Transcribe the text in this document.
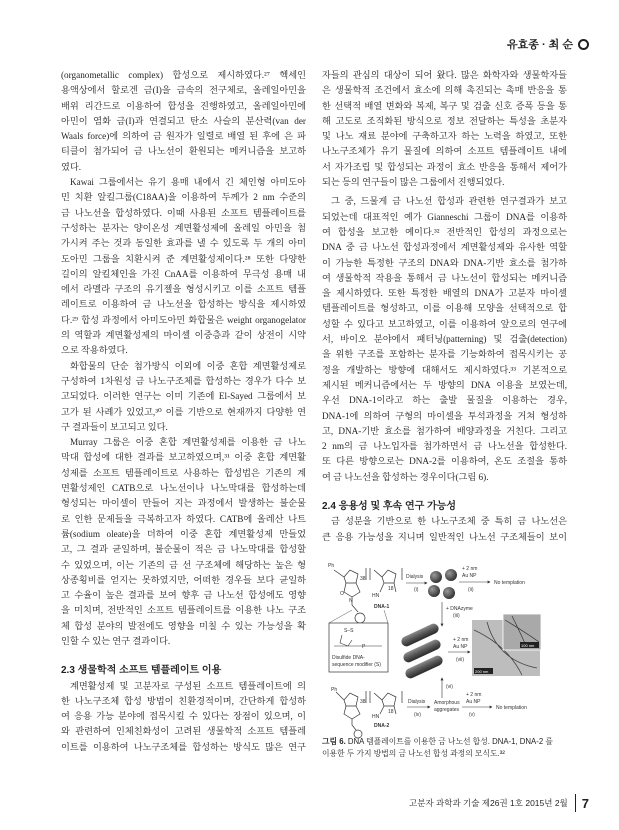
유효종 · 최 순
(organometallic complex) 합성으로 제시하였다.²⁷ 헥세인
용액상에서 할로겐 금(I)을 금속의 전구체로, 올레일아민을
배위 리간드로 이용하여 합성을 진행하였고, 올레일아민에
아민이 염화 금(I)과 연결되고 탄소 사슬의 분산력(van der
Waals force)에 의하여 금 원자가 일렬로 배열 된 후에 은 파
티클이 첨가되어 금 나노선이 환원되는 메커니즘을 보고하
였다.
Kawai 그룹에서는 유기 용매 내에서 긴 체인형 아미도아
민 치환 알킬그룹(C18AA)을 이용하여 두께가 2 nm 수준의
금 나노선을 합성하였다. 이때 사용된 소프트 템플레이트를
구성하는 분자는 양이온성 계면활성제에 올레일 아민을 첨
가시켜 주는 것과 동일한 효과를 낼 수 있도록 두 개의 아미
도아민 그룹을 치환시켜 준 계면활성제이다.²⁸ 또한 다양한
길이의 알킬체인을 가진 CnAA를 이용하여 무극성 용매 내
에서 라멜라 구조의 유기젤을 형성시키고 이를 소프트 템플
레이트로 이용하여 금 나노선을 합성하는 방식을 제시하였
다.²⁹ 합성 과정에서 아미도아민 화합물은 weight organogelator
의 역할과 계면활성제의 마이셀 이중층과 같이 상전이 시약
으로 작용하였다.
화합물의 단순 첨가방식 이외에 이중 혼합 계면활성제로
구성하여 1차원성 금 나노구조체를 합성하는 경우가 다수 보
고되었다. 이러한 연구는 이미 기존에 El-Sayed 그룹에서 보
고가 된 사례가 있었고,³⁰ 이를 기반으로 현재까지 다양한 연
구 결과들이 보고되고 있다.
Murray 그룹은 이중 혼합 계면활성제를 이용한 금 나노
막대 합성에 대한 결과를 보고하였으며,³¹ 이중 혼합 계면활
성제를 소프트 템플레이트로 사용하는 합성법은 기존의 계
면활성제인 CATB으로 나노선이나 나노막대를 합성하는데
형성되는 마이셀이 만들어 지는 과정에서 발생하는 불순물
로 인한 문제들을 극복하고자 하였다. CATB에 올레산 나트
륨(sodium oleate)을 더하여 이중 혼합 계면활성제 만들었
고, 그 결과 균일하며, 불순물이 적은 금 나노막대를 합성할
수 있었으며, 이는 기존의 금 선 구조체에 해당하는 높은 형
상종횡비를 얻지는 못하였지만, 어떠한 경우들 보다 균일하
고 수율이 높은 결과를 보여 향후 금 나노선 합성에도 영향
을 미치며, 전반적인 소프트 템플레이트를 이용한 나노 구조
체 합성 분야의 발전에도 영향을 미칠 수 있는 가능성을 확
인할 수 있는 연구 결과이다.
2.3 생물학적 소프트 템플레이트 이용
계면활성제 및 고분자로 구성된 소프트 템플레이트에 의
한 나노구조체 합성 방법이 친환경적이며, 간단하게 합성하
여 응용 가능 분야에 접목시킬 수 있다는 장점이 있으며, 이
와 관련하여 인체친화성이 고려된 생물학적 소프트 템플레
이트를 이용하여 나노구조체를 합성하는 방식도 많은 연구
자들의 관심의 대상이 되어 왔다. 많은 화학자와 생물학자들
은 생물학적 조건에서 효소에 의해 촉진되는 촉매 반응을 통
한 선택적 배열 변화와 복제, 복구 및 검출 신호 증폭 등을 통
해 고도로 조직화된 방식으로 정보 전달하는 특성을 초분자
및 나노 재료 분야에 구축하고자 하는 노력을 하였고, 또한
나노구조체가 유기 물질에 의하여 소프트 템플레이트 내에
서 자가조립 및 합성되는 과정이 효소 반응을 통해서 제어가
되는 등의 연구들이 많은 그룹에서 진행되었다.
그 중, 드물게 금 나노선 합성과 관련한 연구결과가 보고
되었는데 대표적인 예가 Gianneschi 그룹이 DNA를 이용하
여 합성을 보고한 예이다.³² 전반적인 합성의 과정으로는
DNA 중 금 나노선 합성과정에서 계면활성제와 유사한 역할
이 가능한 특정한 구조의 DNA와 DNA-기반 효소를 첨가하
여 생물학적 작용을 통해서 금 나노선이 합성되는 메커니즘
을 제시하였다. 또한 특정한 배열의 DNA가 고분자 마이셀
템플레이트를 형성하고, 이를 이용해 모양을 선택적으로 합
성할 수 있다고 보고하였고, 이를 이용하여 앞으로의 연구에
서, 바이오 분야에서 패터닝(patterning) 및 검출(detection)
을 위한 구조를 포함하는 분자를 기능화하여 접목시키는 공
정을 개발하는 방향에 대해서도 제시하였다.³³ 기본적으로
제시된 메커니즘에서는 두 방향의 DNA 이용을 보였는데,
우선 DNA-1이라고 하는 출발 물질을 이용하는 경우,
DNA-1에 의하여 구형의 마이셀을 투석과정을 거쳐 형성하
고, DNA-기반 효소를 첨가하여 배양과정을 거친다. 그리고
2 nm의 금 나노입자를 첨가하면서 금 나노선을 합성한다.
또 다른 방향으로는 DNA-2를 이용하여, 온도 조절을 통하
여 금 나노선을 합성하는 경우이다(그림 6).
2.4 응용성 및 후속 연구 가능성
금 성분을 기반으로 한 나노구조체 중 특히 금 나노선은
큰 응용 가능성을 지니며 일반적인 나노선 구조체들이 보이
Ph
38
18
O
N
HN
DNA-1
Dialysis
(i)
+ 2 nm
Au NP
(ii)
No templation
+ DNAzyme
(iii)
S–S
P
Disulfide DNA-
sequence modifier (S)
+ 2 nm
Au NP
(vii)
100 nm
200 nm
(vi)
Ph
38
18
HN
DNA-2
Dialysis
(iv)
Amorphous
aggregates
+ 2 nm
Au NP
(v)
No templation
그림 6. DNA 템플레이트를 이용한 금 나노선 합성. DNA-1, DNA-2 를
이용한 두 가지 방법의 금 나노선 합성 과정의 모식도.³²
고분자 과학과 기술 제26권 1호 2015년 2월 7
